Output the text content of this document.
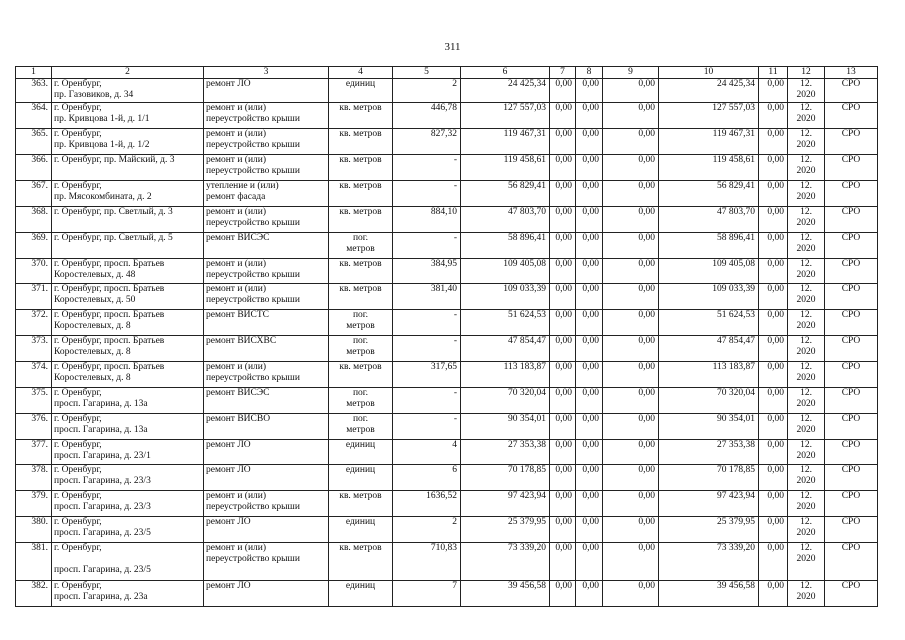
311
1	2	3	4	5	6	7	8	9	10	11	12	13
363.	г. Оренбург,
пр. Газовиков, д. 34	ремонт ЛО	единиц	2	24 425,34	0,00	0,00	0,00	24 425,34	0,00	12.
2020	СРО
364.	г. Оренбург,
пр. Кривцова 1-й, д. 1/1	ремонт и (или)
переустройство крыши	кв. метров	446,78	127 557,03	0,00	0,00	0,00	127 557,03	0,00	12.
2020	СРО
365.	г. Оренбург,
пр. Кривцова 1-й, д. 1/2	ремонт и (или)
переустройство крыши	кв. метров	827,32	119 467,31	0,00	0,00	0,00	119 467,31	0,00	12.
2020	СРО
366.	г. Оренбург, пр. Майский, д. 3	ремонт и (или)
переустройство крыши	кв. метров	-	119 458,61	0,00	0,00	0,00	119 458,61	0,00	12.
2020	СРО
367.	г. Оренбург,
пр. Мясокомбината, д. 2	утепление и (или)
ремонт фасада	кв. метров	-	56 829,41	0,00	0,00	0,00	56 829,41	0,00	12.
2020	СРО
368.	г. Оренбург, пр. Светлый, д. 3	ремонт и (или)
переустройство крыши	кв. метров	884,10	47 803,70	0,00	0,00	0,00	47 803,70	0,00	12.
2020	СРО
369.	г. Оренбург, пр. Светлый, д. 5	ремонт ВИСЭС	пог.
метров	-	58 896,41	0,00	0,00	0,00	58 896,41	0,00	12.
2020	СРО
370.	г. Оренбург, просп. Братьев
Коростелевых, д. 48	ремонт и (или)
переустройство крыши	кв. метров	384,95	109 405,08	0,00	0,00	0,00	109 405,08	0,00	12.
2020	СРО
371.	г. Оренбург, просп. Братьев
Коростелевых, д. 50	ремонт и (или)
переустройство крыши	кв. метров	381,40	109 033,39	0,00	0,00	0,00	109 033,39	0,00	12.
2020	СРО
372.	г. Оренбург, просп. Братьев
Коростелевых, д. 8	ремонт ВИСТС	пог.
метров	-	51 624,53	0,00	0,00	0,00	51 624,53	0,00	12.
2020	СРО
373.	г. Оренбург, просп. Братьев
Коростелевых, д. 8	ремонт ВИСХВС	пог.
метров	-	47 854,47	0,00	0,00	0,00	47 854,47	0,00	12.
2020	СРО
374.	г. Оренбург, просп. Братьев
Коростелевых, д. 8	ремонт и (или)
переустройство крыши	кв. метров	317,65	113 183,87	0,00	0,00	0,00	113 183,87	0,00	12.
2020	СРО
375.	г. Оренбург,
просп. Гагарина, д. 13а	ремонт ВИСЭС	пог.
метров	-	70 320,04	0,00	0,00	0,00	70 320,04	0,00	12.
2020	СРО
376.	г. Оренбург,
просп. Гагарина, д. 13а	ремонт ВИСВО	пог.
метров	-	90 354,01	0,00	0,00	0,00	90 354,01	0,00	12.
2020	СРО
377.	г. Оренбург,
просп. Гагарина, д. 23/1	ремонт ЛО	единиц	4	27 353,38	0,00	0,00	0,00	27 353,38	0,00	12.
2020	СРО
378.	г. Оренбург,
просп. Гагарина, д. 23/3	ремонт ЛО	единиц	6	70 178,85	0,00	0,00	0,00	70 178,85	0,00	12.
2020	СРО
379.	г. Оренбург,
просп. Гагарина, д. 23/3	ремонт и (или)
переустройство крыши	кв. метров	1636,52	97 423,94	0,00	0,00	0,00	97 423,94	0,00	12.
2020	СРО
380.	г. Оренбург,
просп. Гагарина, д. 23/5	ремонт ЛО	единиц	2	25 379,95	0,00	0,00	0,00	25 379,95	0,00	12.
2020	СРО
381.	г. Оренбург,

просп. Гагарина, д. 23/5	ремонт и (или)
переустройство крыши	кв. метров	710,83	73 339,20	0,00	0,00	0,00	73 339,20	0,00	12.
2020	СРО
382.	г. Оренбург,
просп. Гагарина, д. 23а	ремонт ЛО	единиц	7	39 456,58	0,00	0,00	0,00	39 456,58	0,00	12.
2020	СРО
